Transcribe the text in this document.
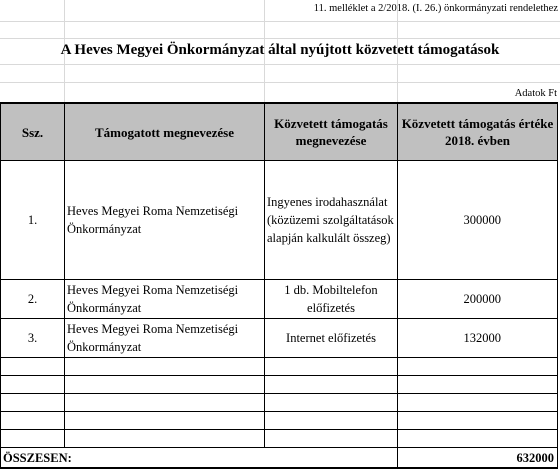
11. melléklet a 2/2018. (I. 26.) önkormányzati rendelethez
A Heves Megyei Önkormányzat által nyújtott közvetett támogatások
Adatok Ft
Ssz.	Támogatott megnevezése	Közvetett támogatás megnevezése	Közvetett támogatás értéke 2018. évben
1.	Heves Megyei Roma Nemzetiségi Önkormányzat	Ingyenes irodahasználat (közüzemi szolgáltatások alapján kalkulált összeg)	300000
2.	Heves Megyei Roma Nemzetiségi Önkormányzat	1 db. Mobiltelefon előfizetés	200000
3.	Heves Megyei Roma Nemzetiségi Önkormányzat	Internet előfizetés	132000

ÖSSZESEN:			632000
